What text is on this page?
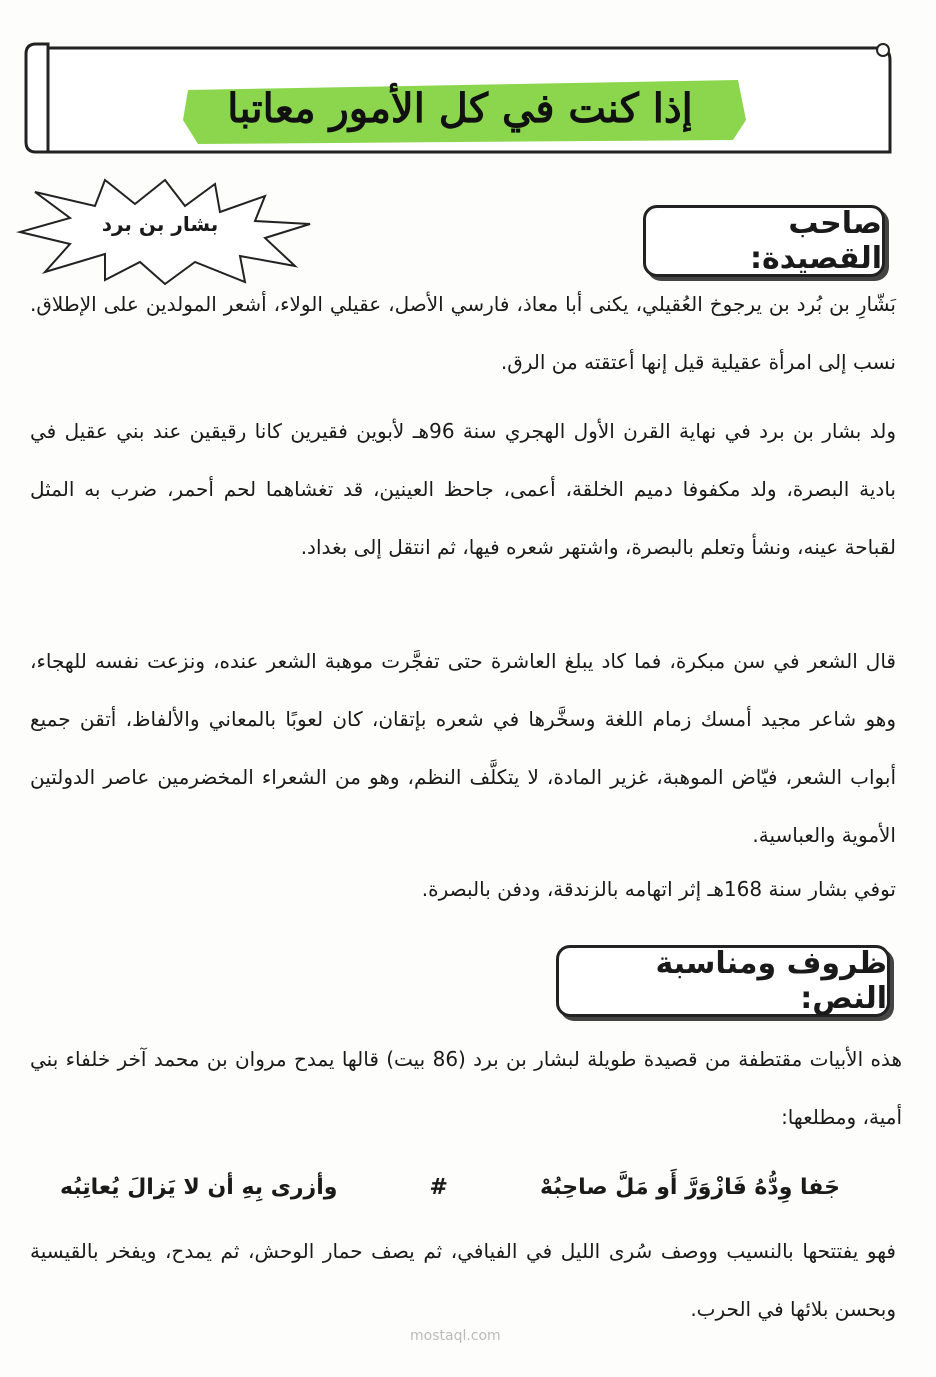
إذا كنت في كل الأمور معاتبا
بشار بن برد	صاحب القصيدة:

بَشّارِ بن بُرد بن يرجوخ العُقيلي، يكنى أبا معاذ، فارسي الأصل، عقيلي الولاء، أشعر المولدين على الإطلاق. نسب إلى امرأة عقيلية قيل إنها أعتقته من الرق.

ولد بشار بن برد في نهاية القرن الأول الهجري سنة 96هـ لأبوين فقيرين كانا رقيقين عند بني عقيل في بادية البصرة، ولد مكفوفا دميم الخلقة، أعمى، جاحظ العينين، قد تغشاهما لحم أحمر، ضرب به المثل لقباحة عينه، ونشأ وتعلم بالبصرة، واشتهر شعره فيها، ثم انتقل إلى بغداد.

قال الشعر في سن مبكرة، فما كاد يبلغ العاشرة حتى تفجَّرت موهبة الشعر عنده، ونزعت نفسه للهجاء، وهو شاعر مجيد أمسك زمام اللغة وسخَّرها في شعره بإتقان، كان لعوبًا بالمعاني والألفاظ، أتقن جميع أبواب الشعر، فيّاض الموهبة، غزير المادة، لا يتكلَّف النظم، وهو من الشعراء المخضرمين عاصر الدولتين الأموية والعباسية.

توفي بشار سنة 168هـ إثر اتهامه بالزندقة، ودفن بالبصرة.

ظروف ومناسبة النص:

هذه الأبيات مقتطفة من قصيدة طويلة لبشار بن برد (86 بيت) قالها يمدح مروان بن محمد آخر خلفاء بني أمية، ومطلعها:

جَفا وِدُّهُ فَازْوَرَّ أَو مَلَّ صاحِبُهْ
#
وأزرى بِهِ أن لا يَزالَ يُعاتِبُه

فهو يفتتحها بالنسيب ووصف سُرى الليل في الفيافي، ثم يصف حمار الوحش، ثم يمدح، ويفخر بالقيسية وبحسن بلائها في الحرب.

mostaql.com
